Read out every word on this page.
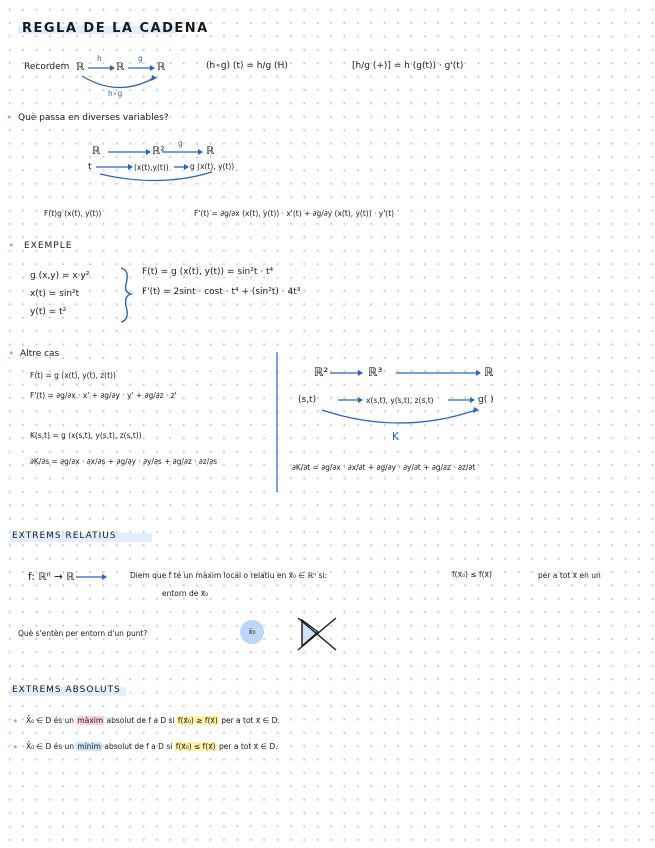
REGLA DE LA CADENA
Recordem ℝ
h
ℝ
g
ℝ
h∘g
(h∘g) (t) = h/g (H)	[h/g (+)] = h (g(t)) · g'(t)
• Què passa en diverses variables?
ℝ	ℝ²
g
ℝ
t	(x(t),y(t))	g (x(t), y(t))
F(t)g (x(t), y(t))	F'(t) = ∂g/∂x (x(t), y(t)) · x'(t) + ∂g/∂y (x(t), y(t)) · y'(t)
• EXEMPLE
g (x,y) = x·y²
x(t) = sin²t
y(t) = t²
F(t) = g (x(t), y(t)) = sin²t · t⁴
F'(t) = 2sint · cost · t⁴ + (sin²t) · 4t³
• Altre cas
F(t) = g (x(t), y(t), z(t))
F'(t) = ∂g/∂x · x' + ∂g/∂y · y' + ∂g/∂z · z'
K(s,t) = g (x(s,t), y(s,t), z(s,t))
∂K/∂s = ∂g/∂x · ∂x/∂s + ∂g/∂y · ∂y/∂s + ∂g/∂z · ∂z/∂s
ℝ²	ℝ³	ℝ
(s,t)	x(s,t), y(s,t), z(s,t)	g( )
K
∂K/∂t = ∂g/∂x · ∂x/∂t + ∂g/∂y · ∂y/∂t + ∂g/∂z · ∂z/∂t
EXTREMS RELATIUS
f: ℝⁿ → ℝ	Diem que f té un màxim local o relatiu en x⃗₀ ∈ ℝⁿ si:	f(x⃗₀) ≤ f(x⃗)	per a tot x⃗ en un
entorn de x⃗₀
Què s'entèn per entorn d'un punt?	x̄₀
EXTREMS ABSOLUTS
• X̄₀ ∈ D és un màxim absolut de f a D si f(x⃗₀) ≥ f(x⃗) per a tot x⃗ ∈ D.
• X̄₀ ∈ D és un mínim absolut de f a D si f(x⃗₀) ≤ f(x⃗) per a tot x⃗ ∈ D.
